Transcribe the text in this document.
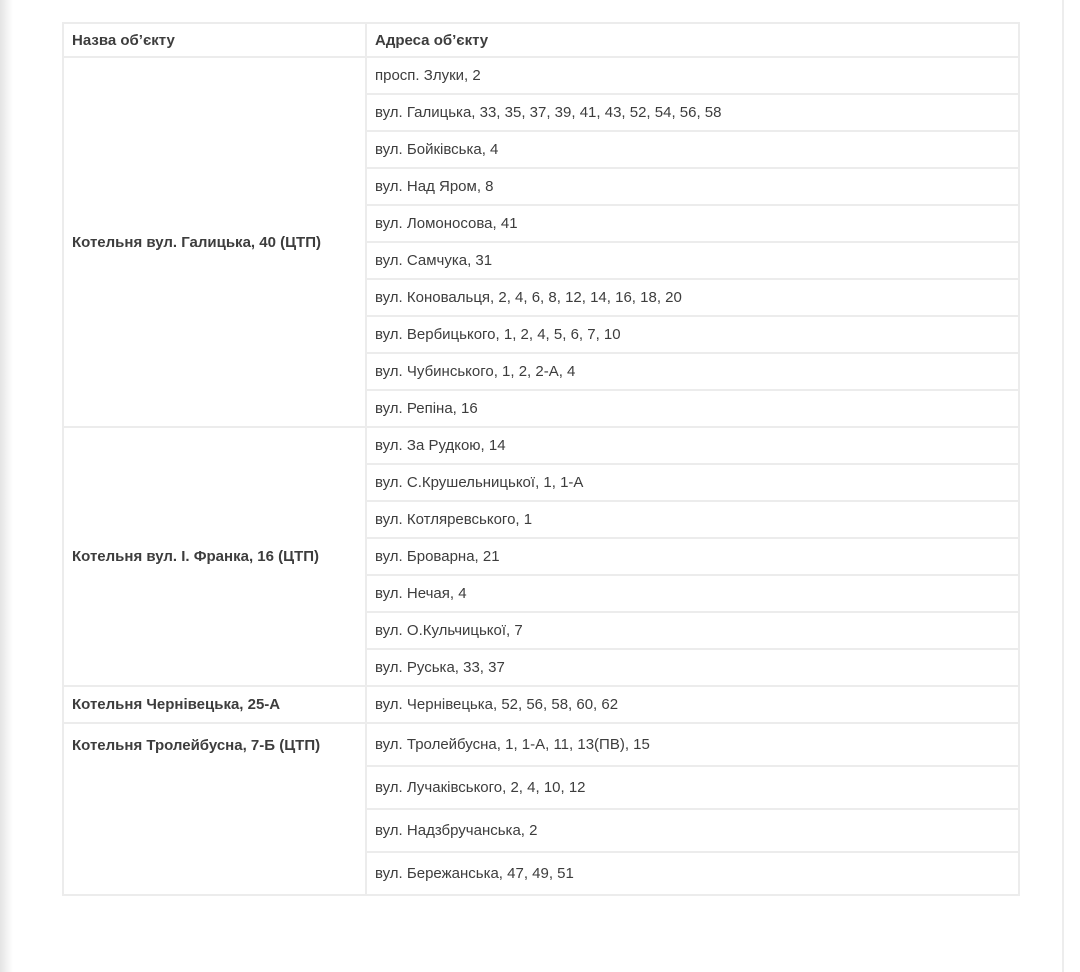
Назва об’єкту	Адреса об’єкту
Котельня вул. Галицька, 40 (ЦТП)	просп. Злуки, 2
	вул. Галицька, 33, 35, 37, 39, 41, 43, 52, 54, 56, 58
	вул. Бойківська, 4
	вул. Над Яром, 8
	вул. Ломоносова, 41
	вул. Самчука, 31
	вул. Коновальця, 2, 4, 6, 8, 12, 14, 16, 18, 20
	вул. Вербицького, 1, 2, 4, 5, 6, 7, 10
	вул. Чубинського, 1, 2, 2-А, 4
	вул. Репіна, 16
Котельня вул. І. Франка, 16 (ЦТП)	вул. За Рудкою, 14
	вул. С.Крушельницької, 1, 1-А
	вул. Котляревського, 1
	вул. Броварна, 21
	вул. Нечая, 4
	вул. О.Кульчицької, 7
	вул. Руська, 33, 37
Котельня Чернівецька, 25-А	вул. Чернівецька, 52, 56, 58, 60, 62
Котельня Тролейбусна, 7-Б (ЦТП)	вул. Тролейбусна, 1, 1-А, 11, 13(ПВ), 15
	вул. Лучаківського, 2, 4, 10, 12
	вул. Надзбручанська, 2
	вул. Бережанська, 47, 49, 51
